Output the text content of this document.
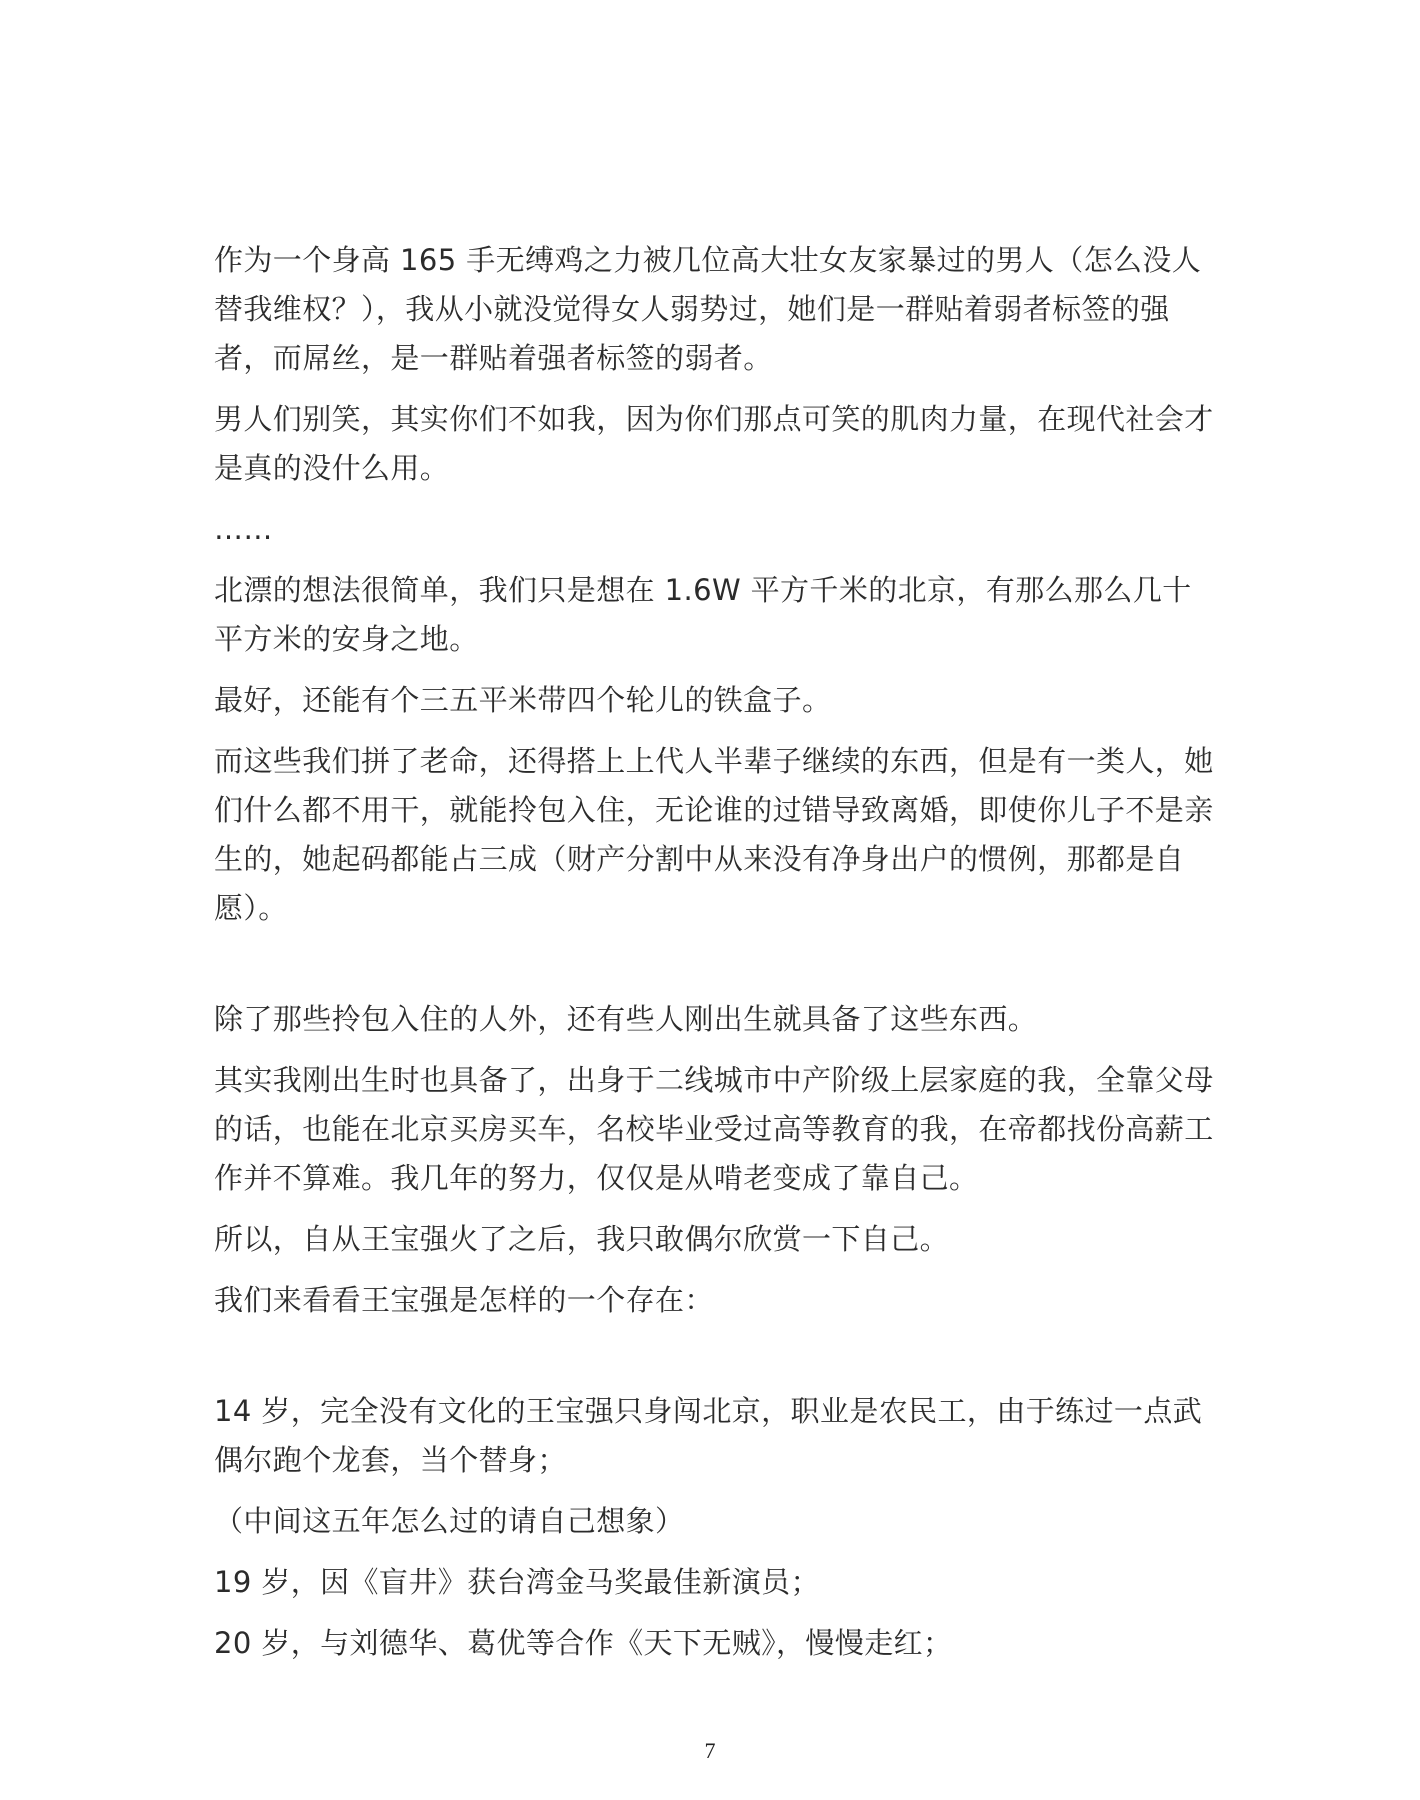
作为一个身高 165 手无缚鸡之力被几位高大壮女友家暴过的男人（怎么没人替我维权？），我从小就没觉得女人弱势过，她们是一群贴着弱者标签的强者，而屌丝，是一群贴着强者标签的弱者。

男人们别笑，其实你们不如我，因为你们那点可笑的肌肉力量，在现代社会才是真的没什么用。

……

北漂的想法很简单，我们只是想在 1.6W 平方千米的北京，有那么那么几十平方米的安身之地。

最好，还能有个三五平米带四个轮儿的铁盒子。

而这些我们拼了老命，还得搭上上代人半辈子继续的东西，但是有一类人，她们什么都不用干，就能拎包入住，无论谁的过错导致离婚，即使你儿子不是亲生的，她起码都能占三成（财产分割中从来没有净身出户的惯例，那都是自愿）。

除了那些拎包入住的人外，还有些人刚出生就具备了这些东西。

其实我刚出生时也具备了，出身于二线城市中产阶级上层家庭的我，全靠父母的话，也能在北京买房买车，名校毕业受过高等教育的我，在帝都找份高薪工作并不算难。我几年的努力，仅仅是从啃老变成了靠自己。

所以，自从王宝强火了之后，我只敢偶尔欣赏一下自己。

我们来看看王宝强是怎样的一个存在：

14 岁，完全没有文化的王宝强只身闯北京，职业是农民工，由于练过一点武偶尔跑个龙套，当个替身；

（中间这五年怎么过的请自己想象）

19 岁，因《盲井》获台湾金马奖最佳新演员；

20 岁，与刘德华、葛优等合作《天下无贼》，慢慢走红；

7
